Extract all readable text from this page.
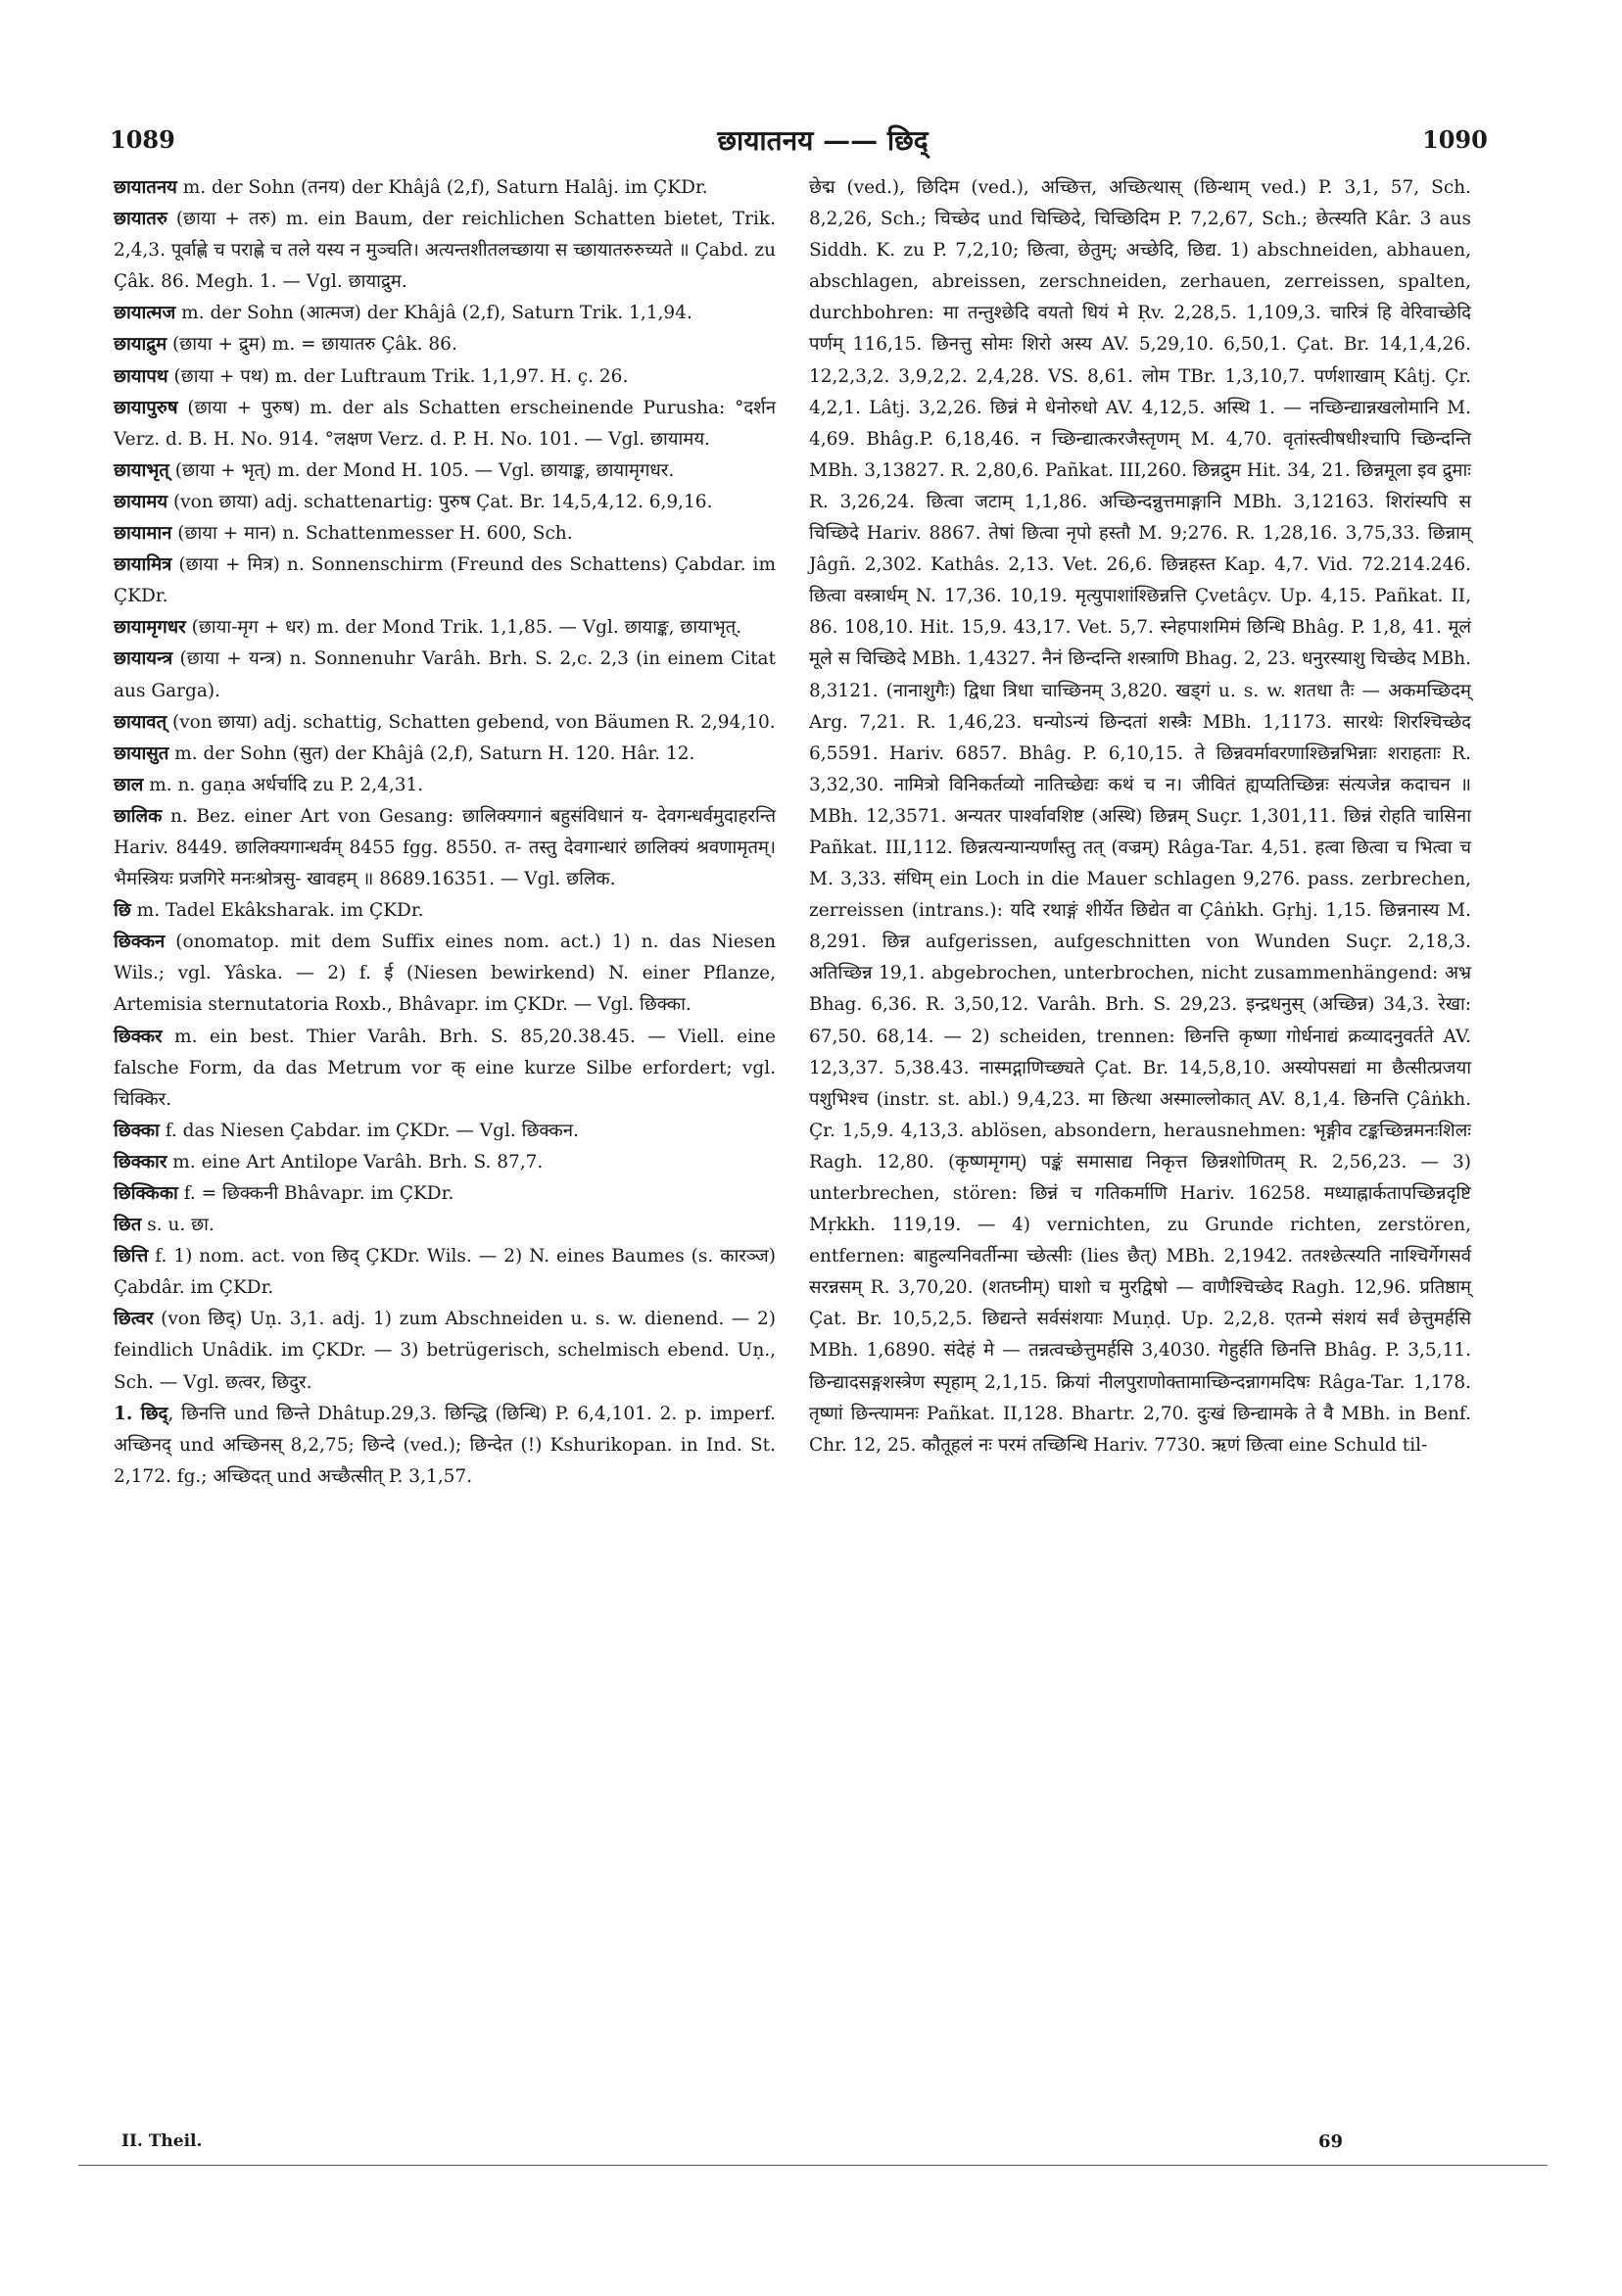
1089	छायातनय —— छिद्	1090

छायातनय m. der Sohn (तनय) der Khâjâ (2,f), Saturn Halâj. im ÇKDr.

छायातरु (छाया + तरु) m. ein Baum, der reichlichen Schatten bietet, Trik. 2,4,3. पूर्वाह्णे च पराह्णे च तले यस्य न मुञ्चति। अत्यन्तशीतलच्छाया स च्छायातरुरुच्यते ॥ Çabd. zu Çâk. 86. Megh. 1. — Vgl. छायाद्रुम.

छायात्मज m. der Sohn (आत्मज) der Khâjâ (2,f), Saturn Trik. 1,1,94.

छायाद्रुम (छाया + द्रुम) m. = छायातरु Çâk. 86.

छायापथ (छाया + पथ) m. der Luftraum Trik. 1,1,97. H. ç. 26.

छायापुरुष (छाया + पुरुष) m. der als Schatten erscheinende Purusha: °दर्शन Verz. d. B. H. No. 914. °लक्षण Verz. d. P. H. No. 101. — Vgl. छायामय.

छायाभृत् (छाया + भृत्) m. der Mond H. 105. — Vgl. छायाङ्क, छायामृगधर.

छायामय (von छाया) adj. schattenartig: पुरुष Çat. Br. 14,5,4,12. 6,9,16.

छायामान (छाया + मान) n. Schattenmesser H. 600, Sch.

छायामित्र (छाया + मित्र) n. Sonnenschirm (Freund des Schattens) Çabdar. im ÇKDr.

छायामृगधर (छाया-मृग + धर) m. der Mond Trik. 1,1,85. — Vgl. छायाङ्क, छायाभृत्.

छायायन्त्र (छाया + यन्त्र) n. Sonnenuhr Varâh. Brh. S. 2,c. 2,3 (in einem Citat aus Garga).

छायावत् (von छाया) adj. schattig, Schatten gebend, von Bäumen R. 2,94,10.

छायासुत m. der Sohn (सुत) der Khâjâ (2,f), Saturn H. 120. Hâr. 12.

छाल m. n. gaṇa अर्धर्चादि zu P. 2,4,31.

छालिक n. Bez. einer Art von Gesang: छालिक्यगानं बहुसंविधानं य- देवगन्धर्वमुदाहरन्ति Hariv. 8449. छालिक्यगान्धर्वम् 8455 fgg. 8550. त- तस्तु देवगान्धारं छालिक्यं श्रवणामृतम्। भैमस्त्रियः प्रजगिरे मनःश्रोत्रसु- खावहम् ॥ 8689.16351. — Vgl. छलिक.

छि m. Tadel Ekâksharak. im ÇKDr.

छिक्कन (onomatop. mit dem Suffix eines nom. act.) 1) n. das Niesen Wils.; vgl. Yâska. — 2) f. ई (Niesen bewirkend) N. einer Pflanze, Artemisia sternutatoria Roxb., Bhâvapr. im ÇKDr. — Vgl. छिक्का.

छिक्कर m. ein best. Thier Varâh. Brh. S. 85,20.38.45. — Viell. eine falsche Form, da das Metrum vor क् eine kurze Silbe erfordert; vgl. चिक्किर.

छिक्का f. das Niesen Çabdar. im ÇKDr. — Vgl. छिक्कन.

छिक्कार m. eine Art Antilope Varâh. Brh. S. 87,7.

छिक्किका f. = छिक्कनी Bhâvapr. im ÇKDr.

छित s. u. छा.

छित्ति f. 1) nom. act. von छिद् ÇKDr. Wils. — 2) N. eines Baumes (s. कारञ्ज) Çabdâr. im ÇKDr.

छित्वर (von छिद्) Uṇ. 3,1. adj. 1) zum Abschneiden u. s. w. dienend. — 2) feindlich Unâdik. im ÇKDr. — 3) betrügerisch, schelmisch ebend. Uṇ., Sch. — Vgl. छत्वर, छिदुर.

1. छिद्, छिनत्ति und छिन्ते Dhâtup.29,3. छिन्द्धि (छिन्धि) P. 6,4,101. 2. p. imperf. अच्छिनद् und अच्छिनस् 8,2,75; छिन्दे (ved.); छिन्देत (!) Kshurikopan. in Ind. St. 2,172. fg.; अच्छिदत् und अच्छैत्सीत् P. 3,1,57.

छेद्म (ved.), छिदिम (ved.), अच्छित्त, अच्छित्थास् (छिन्थाम् ved.) P. 3,1, 57, Sch. 8,2,26, Sch.; चिच्छेद und चिच्छिदे, चिच्छिदिम P. 7,2,67, Sch.; छेत्स्यति Kâr. 3 aus Siddh. K. zu P. 7,2,10; छित्वा, छेतुम्; अच्छेदि, छिद्य. 1) abschneiden, abhauen, abschlagen, abreissen, zerschneiden, zerhauen, zerreissen, spalten, durchbohren: मा तन्तुश्छेदि वयतो धियं मे Ṛv. 2,28,5. 1,109,3. चारित्रं हि वेरिवाच्छेदि पर्णम् 116,15. छिनत्तु सोमः शिरो अस्य AV. 5,29,10. 6,50,1. Çat. Br. 14,1,4,26. 12,2,3,2. 3,9,2,2. 2,4,28. VS. 8,61. लोम TBr. 1,3,10,7. पर्णशाखाम् Kâtj. Çr. 4,2,1. Lâtj. 3,2,26. छिन्नं मे धेनोरुधो AV. 4,12,5. अस्थि 1. — नच्छिन्द्यान्नखलोमानि M. 4,69. Bhâg.P. 6,18,46. न च्छिन्द्यात्करजैस्तृणम् M. 4,70. वृतांस्त्वीषधीश्चापि च्छिन्दन्ति MBh. 3,13827. R. 2,80,6. Pañkat. III,260. छिन्नद्रुम Hit. 34, 21. छिन्नमूला इव द्रुमाः R. 3,26,24. छित्वा जटाम् 1,1,86. अच्छिन्दन्नुत्तमाङ्गानि MBh. 3,12163. शिरांस्यपि स चिच्छिदे Hariv. 8867. तेषां छित्वा नृपो हस्तौ M. 9;276. R. 1,28,16. 3,75,33. छिन्नाम् Jâgñ. 2,302. Kathâs. 2,13. Vet. 26,6. छिन्नहस्त Kap. 4,7. Vid. 72.214.246. छित्वा वस्त्रार्धम् N. 17,36. 10,19. मृत्युपाशांश्छिन्नत्ति Çvetâçv. Up. 4,15. Pañkat. II, 86. 108,10. Hit. 15,9. 43,17. Vet. 5,7. स्नेहपाशमिमं छिन्धि Bhâg. P. 1,8, 41. मूलं मूले स चिच्छिदे MBh. 1,4327. नैनं छिन्दन्ति शस्त्राणि Bhag. 2, 23. धनुरस्याशु चिच्छेद MBh. 8,3121. (नानाशुगैः) द्विधा त्रिधा चाच्छिनम् 3,820. खड्गं u. s. w. शतधा तैः — अकमच्छिदम् Arg. 7,21. R. 1,46,23. घन्योऽन्यं छिन्दतां शस्त्रैः MBh. 1,1173. सारथेः शिरश्चिच्छेद 6,5591. Hariv. 6857. Bhâg. P. 6,10,15. ते छिन्नवर्मावरणाश्छिन्नभिन्नाः शराहताः R. 3,32,30. नामित्रो विनिकर्तव्यो नातिच्छेद्यः कथं च न। जीवितं ह्यप्यतिच्छिन्नः संत्यजेन्न कदाचन ॥ MBh. 12,3571. अन्यतर पार्श्वावशिष्ट (अस्थि) छिन्नम् Suçr. 1,301,11. छिन्नं रोहति चासिना Pañkat. III,112. छिन्नत्यन्यान्यर्णांस्तु तत् (वज्रम्) Râga-Tar. 4,51. हत्वा छित्वा च भित्वा च M. 3,33. संधिम् ein Loch in die Mauer schlagen 9,276. pass. zerbrechen, zerreissen (intrans.): यदि रथाङ्गं शीर्येत छिद्येत वा Çâṅkh. Gṛhj. 1,15. छिन्ननास्य M. 8,291. छिन्न aufgerissen, aufgeschnitten von Wunden Suçr. 2,18,3. अतिच्छिन्न 19,1. abgebrochen, unterbrochen, nicht zusammenhängend: अभ्र Bhag. 6,36. R. 3,50,12. Varâh. Brh. S. 29,23. इन्द्रधनुस् (अच्छिन्न) 34,3. रेखा: 67,50. 68,14. — 2) scheiden, trennen: छिनत्ति कृष्णा गोर्धनाद्यं क्रव्यादनुवर्तते AV. 12,3,37. 5,38.43. नास्मद्गाणिच्छ्यते Çat. Br. 14,5,8,10. अस्योपसद्यां मा छैत्सीत्प्रजया पशुभिश्च (instr. st. abl.) 9,4,23. मा छित्था अस्माल्लोकात् AV. 8,1,4. छिनत्ति Çâṅkh. Çr. 1,5,9. 4,13,3. ablösen, absondern, herausnehmen: भृङ्गीव टङ्कच्छिन्नमनःशिलः Ragh. 12,80. (कृष्णमृगम्) पङ्कं समासाद्य निकृत्त छिन्नशोणितम् R. 2,56,23. — 3) unterbrechen, stören: छिन्नं च गतिकर्माणि Hariv. 16258. मध्याह्नार्कतापच्छिन्नदृष्टि Mṛkkh. 119,19. — 4) vernichten, zu Grunde richten, zerstören, entfernen: बाहुल्यनिवर्तीन्मा च्छेत्सीः (lies छैत्) MBh. 2,1942. ततश्छेत्स्यति नाश्चिर्गेगसर्व सरन्नसम् R. 3,70,20. (शतघ्नीम्) घाशो च मुरद्विषो — वाणैश्चिच्छेद Ragh. 12,96. प्रतिष्ठाम् Çat. Br. 10,5,2,5. छिद्यन्ते सर्वसंशयाः Muṇḍ. Up. 2,2,8. एतन्मे संशयं सर्वं छेत्तुमर्हसि MBh. 1,6890. संदेहं मे — तन्नत्वच्छेत्तुमर्हसि 3,4030. गेहुर्हति छिनत्ति Bhâg. P. 3,5,11. छिन्द्यादसङ्गशस्त्रेण स्पृहाम् 2,1,15. क्रियां नीलपुराणोक्तामाच्छिन्दन्नागमदिषः Râga-Tar. 1,178. तृष्णां छिन्त्यामनः Pañkat. II,128. Bhartr. 2,70. दुःखं छिन्द्यामके ते वै MBh. in Benf. Chr. 12, 25. कौतूहलं नः परमं तच्छिन्धि Hariv. 7730. ऋणं छित्वा eine Schuld til-

II. Theil.	69
